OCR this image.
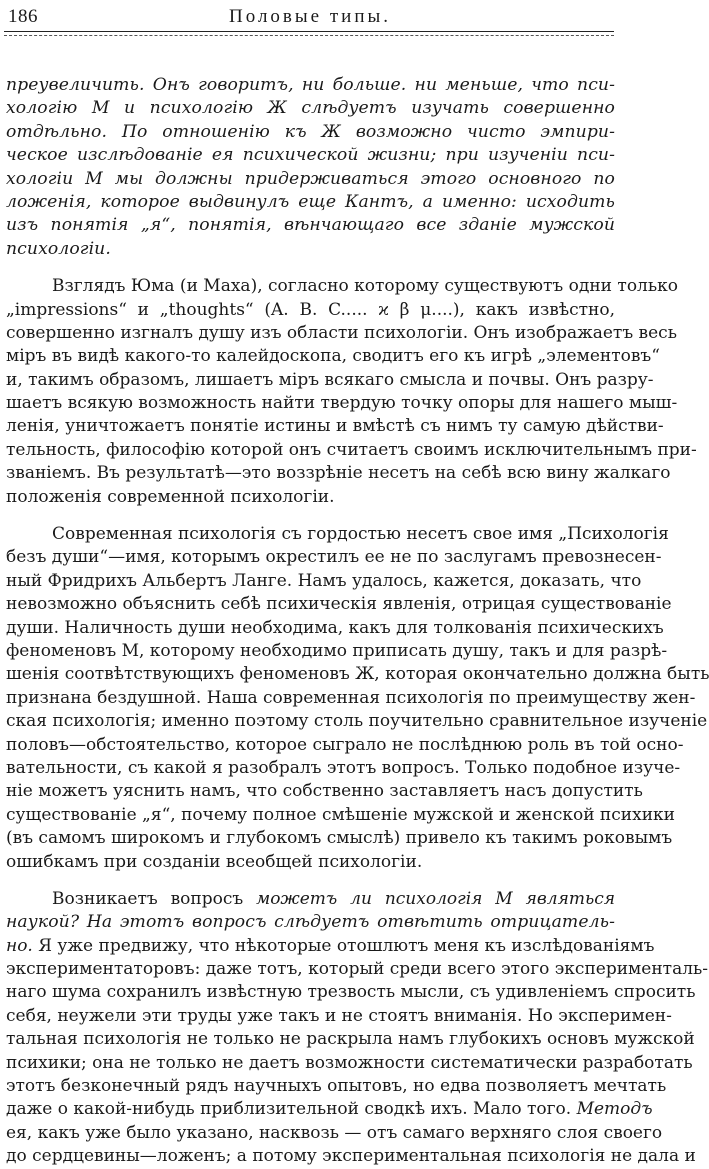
186	Половые типы.
преувеличить. Онъ говоритъ, ни больше. ни меньше, что пси-
хологію М и психологію Ж слѣдуетъ изучать совершенно
отдѣльно. По отношенію къ Ж возможно чисто эмпири-
ческое изслѣдованіе ея психической жизни; при изученіи пси-
хологіи М мы должны придерживаться этого основного по
ложенія, которое выдвинулъ еще Кантъ, а именно: исходить
изъ понятія „я“, понятія, вѣнчающаго все зданіе мужской
психологіи.
Взглядъ Юма (и Маха), согласно которому существуютъ одни только
„impressions“ и „thoughts“ (A. B. C..... ϰ β μ....), какъ извѣстно,
совершенно изгналъ душу изъ области психологіи. Онъ изображаетъ весь
міръ въ видѣ какого-то калейдоскопа, сводитъ его къ игрѣ „элементовъ“
и, такимъ образомъ, лишаетъ міръ всякаго смысла и почвы. Онъ разру-
шаетъ всякую возможность найти твердую точку опоры для нашего мыш-
ленія, уничтожаетъ понятіе истины и вмѣстѣ съ нимъ ту самую дѣйстви-
тельность, философію которой онъ считаетъ своимъ исключительнымъ при-
званіемъ. Въ результатѣ—это воззрѣніе несетъ на себѣ всю вину жалкаго
положенія современной психологіи.
Современная психологія съ гордостью несетъ свое имя „Психологія
безъ души“—имя, которымъ окрестилъ ее не по заслугамъ превознесен-
ный Фридрихъ Альбертъ Ланге. Намъ удалось, кажется, доказать, что
невозможно объяснить себѣ психическія явленія, отрицая существованіе
души. Наличность души необходима, какъ для толкованія психическихъ
феноменовъ М, которому необходимо приписать душу, такъ и для разрѣ-
шенія соотвѣтствующихъ феноменовъ Ж, которая окончательно должна быть
признана бездушной. Наша современная психологія по преимуществу жен-
ская психологія; именно поэтому столь поучительно сравнительное изученіе
половъ—обстоятельство, которое сыграло не послѣднюю роль въ той осно-
вательности, съ какой я разобралъ этотъ вопросъ. Только подобное изуче-
ніе можетъ уяснить намъ, что собственно заставляетъ насъ допустить
существованіе „я“, почему полное смѣшеніе мужской и женской психики
(въ самомъ широкомъ и глубокомъ смыслѣ) привело къ такимъ роковымъ
ошибкамъ при созданіи всеобщей психологіи.
Возникаетъ вопросъ можетъ ли психологія М являться
наукой? На этотъ вопросъ слѣдуетъ отвѣтить отрицатель-
но. Я уже предвижу, что нѣкоторые отошлютъ меня къ изслѣдованіямъ
экспериментаторовъ: даже тотъ, который среди всего этого эксперименталь-
наго шума сохранилъ извѣстную трезвость мысли, съ удивленіемъ спросить
себя, неужели эти труды уже такъ и не стоятъ вниманія. Но эксперимен-
тальная психологія не только не раскрыла намъ глубокихъ основъ мужской
психики; она не только не даетъ возможности систематически разработать
этотъ безконечный рядъ научныхъ опытовъ, но едва позволяетъ мечтать
даже о какой-нибудь приблизительной сводкѣ ихъ. Мало того. Методъ
ея, какъ уже было указано, насквозь — отъ самаго верхняго слоя своего
до сердцевины—ложенъ; а потому экспериментальная психологія не дала и
